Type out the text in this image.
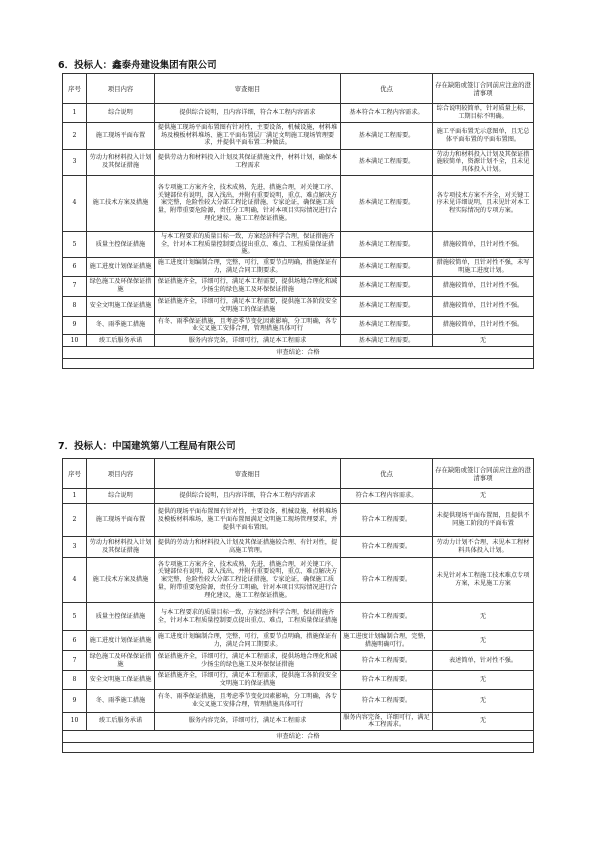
6．投标人：鑫泰舟建设集团有限公司
序号	项目内容	审查细目	优点	存在缺陷或签订合同前应注意的澄清事项
1	综合说明	提供综合说明，且内容详细，符合本工程内容需求	基本符合本工程内容需求。	综合说明较简单，针对质量上标，工期目标不明确。
2	施工现场平面布置	提供施工现场平面布置图有针对性，主要设备，机械设施，材料堆场及模板材料堆场、施工平面布置层厂满足文明施工现场管理要求，并提供平面布置二种做法。	基本满足工程需要。	施工平面布置无示意图单，且无总体平面布置的平面布置图。
3	劳动力和材料投入计划及其保证措施	提供劳动力和材料投入计划及其保证措施文件，材料计划，确保本工程需求	基本满足工程需要。	劳动力和材料投入计划及其保证措施较简单，资源计划不全，且未见具体投入计划。
4	施工技术方案及措施	各专项施工方案齐全，技术成熟，先进，措施合理，对关键工序、关键部位有说明，深入浅出，并附有重要说明，重点、难点解决方案完整，危险性较大分部工程论证措施，专家论证，确保施工质量，附带重要危险源，责任分工明确，针对本项目实际情况进行合理化建议。施工工程保证措施。	基本满足工程需要。	各专项技术方案不齐全，对关键工序未见详细说明，且未见针对本工程实际情况的专项方案。
5	质量主控保证措施	与本工程要求的质量目标一致，方案经济科学合理，保证措施齐全，针对本工程质量控制要点提出重点、难点、工程质量保证措施。	基本满足工程需要。	措施较简单，且针对性不强。
6	施工进度计划保证措施	施工进度计划编制合理，完整，可行，重要节点明确，措施保证有力，满足合同工期要求。	基本满足工程需要。	措施较简单，且针对性不强，未写明施工进度计划。
7	绿色施工及环保保证措施	保证措施齐全，详细可行，满足本工程需要，提供场地合理化和减少扬尘的绿色施工及环保保证措施	基本满足工程需要。	措施较简单，且针对性不强。
8	安全文明施工保证措施	保证措施齐全，详细可行，满足本工程需要，提供施工各阶段安全文明施工的保证措施	基本满足工程需要。	措施较简单，且针对性不强。
9	冬、雨季施工措施	有冬、雨季保证措施，且考虑季节变化因素影响，分工明确，各专业交叉施工安排合理，管理措施具体可行	基本满足工程需要。	措施较简单，且针对性不强。
10	竣工后服务承诺	服务内容完备，详细可行，满足本工程需求	基本满足工程需要。	无
审查结论：合格				

7．投标人：中国建筑第八工程局有限公司
序号	项目内容	审查细目	优点	存在缺陷或签订合同前应注意的澄清事项
1	综合说明	提供综合说明，且内容详细，符合本工程内容需求	符合本工程内容需求。	无
2	施工现场平面布置	提供的现场平面布置图有针对性，主要设备，机械设施，材料堆场及模板材料堆场，施工平面布置图满足文明施工现场管理要求，并提供平面布置图。	符合本工程需要。	未提供现场平面布置图，且提供不同施工阶段的平面布置
3	劳动力和材料投入计划及其保证措施	提供的劳动力和材料投入计划及其保证措施较合理、有针对性，提高施工管理。	符合本工程需要。	劳动力计划不合理，未见本工程材料具体投入计划。
4	施工技术方案及措施	各专项施工方案齐全，技术成熟，先进，措施合理，对关键工序、关键部位有说明，深入浅出，并附有重要说明，重点、难点解决方案完整，危险性较大分部工程论证措施，专家论证，确保施工质量，附带重要危险源，责任分工明确，针对本项目实际情况进行合理化建议，施工工程保证措施。	符合本工程需要。	未见针对本工程施工技术难点专项方案，未见施工方案
5	质量主控保证措施	与本工程要求的质量目标一致，方案经济科学合理，保证措施齐全，针对本工程质量控制要点提出重点、难点，工程质量保证措施	符合本工程需要。	无
6	施工进度计划保证措施	施工进度计划编制合理，完整，可行，重要节点明确，措施保证有力，满足合同工期要求。	施工进度计划编制合理，完整，措施明确可行。	无
7	绿色施工及环保保证措施	保证措施齐全，详细可行，满足本工程需求，提供场地合理化和减少扬尘的绿色施工及环保保证措施	符合本工程需要。	表述简单，针对性不强。
8	安全文明施工保证措施	保证措施齐全，详细可行，满足本工程需求，提供施工各阶段安全文明施工的保证措施	符合本工程需要。	无
9	冬、雨季施工措施	有冬、雨季保证措施，且考虑季节变化因素影响，分工明确，各专业交叉施工安排合理，管理措施具体可行	符合本工程需要。	无
10	竣工后服务承诺	服务内容完备，详细可行，满足本工程需求	服务内容完备，详细可行，满足本工程需求。	无
审查结论：合格				
